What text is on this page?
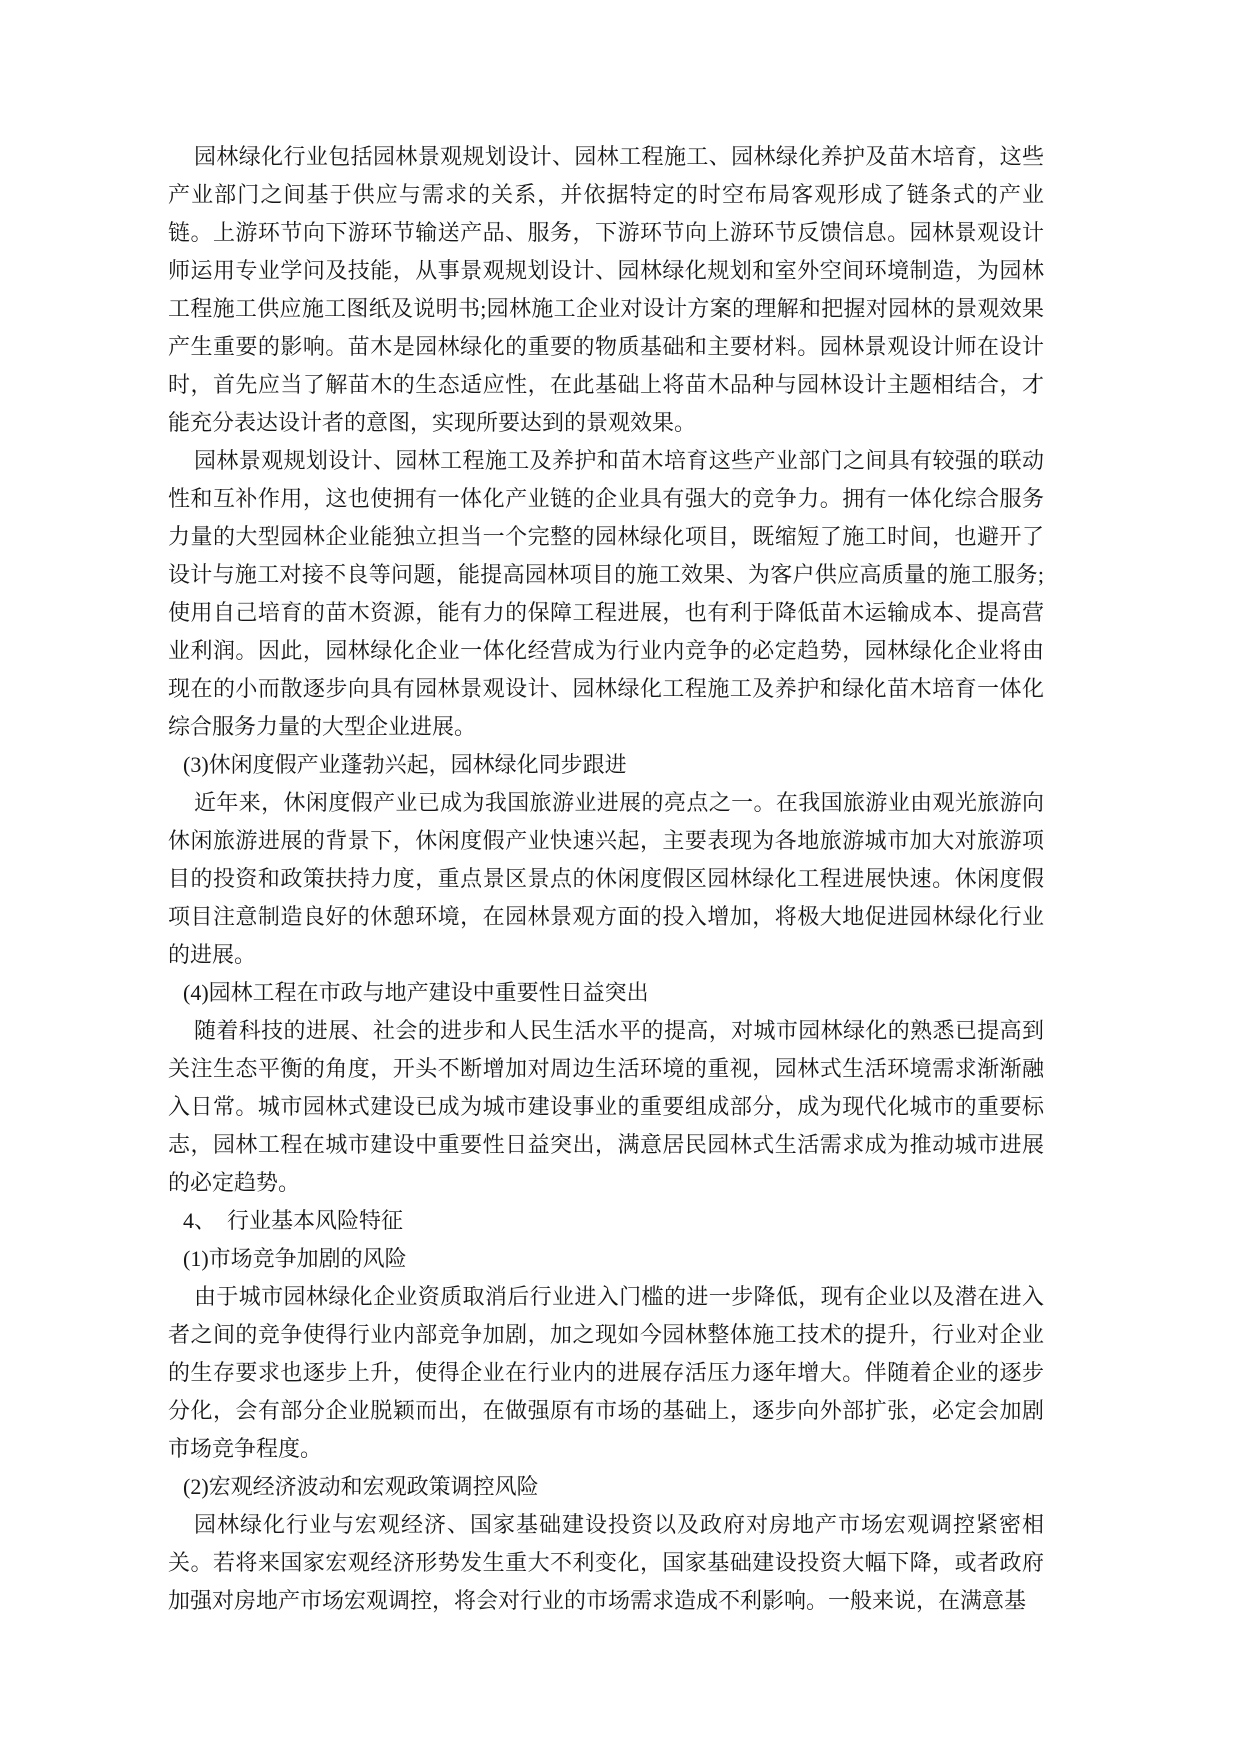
园林绿化行业包括园林景观规划设计、园林工程施工、园林绿化养护及苗木培育，这些产业部门之间基于供应与需求的关系，并依据特定的时空布局客观形成了链条式的产业链。上游环节向下游环节输送产品、服务，下游环节向上游环节反馈信息。园林景观设计师运用专业学问及技能，从事景观规划设计、园林绿化规划和室外空间环境制造，为园林工程施工供应施工图纸及说明书;园林施工企业对设计方案的理解和把握对园林的景观效果产生重要的影响。苗木是园林绿化的重要的物质基础和主要材料。园林景观设计师在设计时，首先应当了解苗木的生态适应性，在此基础上将苗木品种与园林设计主题相结合，才能充分表达设计者的意图，实现所要达到的景观效果。

园林景观规划设计、园林工程施工及养护和苗木培育这些产业部门之间具有较强的联动性和互补作用，这也使拥有一体化产业链的企业具有强大的竞争力。拥有一体化综合服务力量的大型园林企业能独立担当一个完整的园林绿化项目，既缩短了施工时间，也避开了设计与施工对接不良等问题，能提高园林项目的施工效果、为客户供应高质量的施工服务;使用自己培育的苗木资源，能有力的保障工程进展，也有利于降低苗木运输成本、提高营业利润。因此，园林绿化企业一体化经营成为行业内竞争的必定趋势，园林绿化企业将由现在的小而散逐步向具有园林景观设计、园林绿化工程施工及养护和绿化苗木培育一体化综合服务力量的大型企业进展。

(3)休闲度假产业蓬勃兴起，园林绿化同步跟进

近年来，休闲度假产业已成为我国旅游业进展的亮点之一。在我国旅游业由观光旅游向休闲旅游进展的背景下，休闲度假产业快速兴起，主要表现为各地旅游城市加大对旅游项目的投资和政策扶持力度，重点景区景点的休闲度假区园林绿化工程进展快速。休闲度假项目注意制造良好的休憩环境，在园林景观方面的投入增加，将极大地促进园林绿化行业的进展。

(4)园林工程在市政与地产建设中重要性日益突出

随着科技的进展、社会的进步和人民生活水平的提高，对城市园林绿化的熟悉已提高到关注生态平衡的角度，开头不断增加对周边生活环境的重视，园林式生活环境需求渐渐融入日常。城市园林式建设已成为城市建设事业的重要组成部分，成为现代化城市的重要标志，园林工程在城市建设中重要性日益突出，满意居民园林式生活需求成为推动城市进展的必定趋势。

4、　行业基本风险特征

(1)市场竞争加剧的风险

由于城市园林绿化企业资质取消后行业进入门槛的进一步降低，现有企业以及潜在进入者之间的竞争使得行业内部竞争加剧，加之现如今园林整体施工技术的提升，行业对企业的生存要求也逐步上升，使得企业在行业内的进展存活压力逐年增大。伴随着企业的逐步分化，会有部分企业脱颖而出，在做强原有市场的基础上，逐步向外部扩张，必定会加剧市场竞争程度。

(2)宏观经济波动和宏观政策调控风险

园林绿化行业与宏观经济、国家基础建设投资以及政府对房地产市场宏观调控紧密相关。若将来国家宏观经济形势发生重大不利变化，国家基础建设投资大幅下降，或者政府加强对房地产市场宏观调控，将会对行业的市场需求造成不利影响。一般来说，在满意基
